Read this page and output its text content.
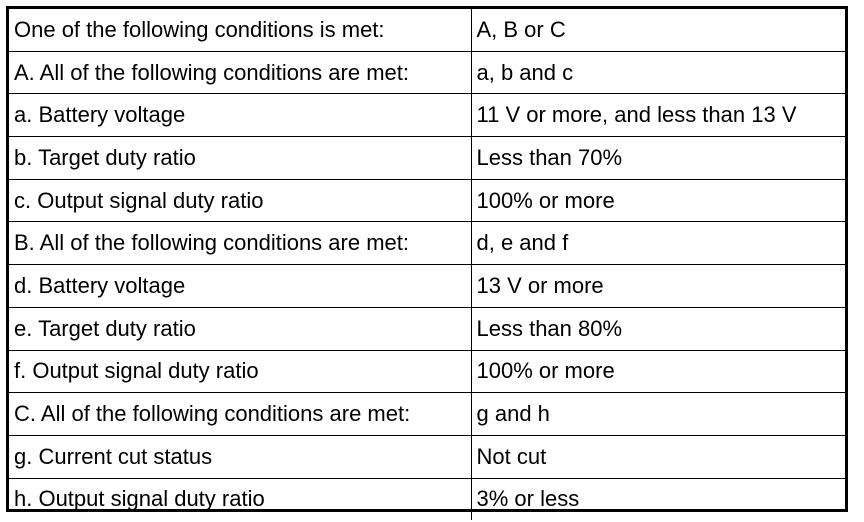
One of the following conditions is met:	A, B or C
A. All of the following conditions are met:	a, b and c
a. Battery voltage	11 V or more, and less than 13 V
b. Target duty ratio	Less than 70%
c. Output signal duty ratio	100% or more
B. All of the following conditions are met:	d, e and f
d. Battery voltage	13 V or more
e. Target duty ratio	Less than 80%
f. Output signal duty ratio	100% or more
C. All of the following conditions are met:	g and h
g. Current cut status	Not cut
h. Output signal duty ratio	3% or less
